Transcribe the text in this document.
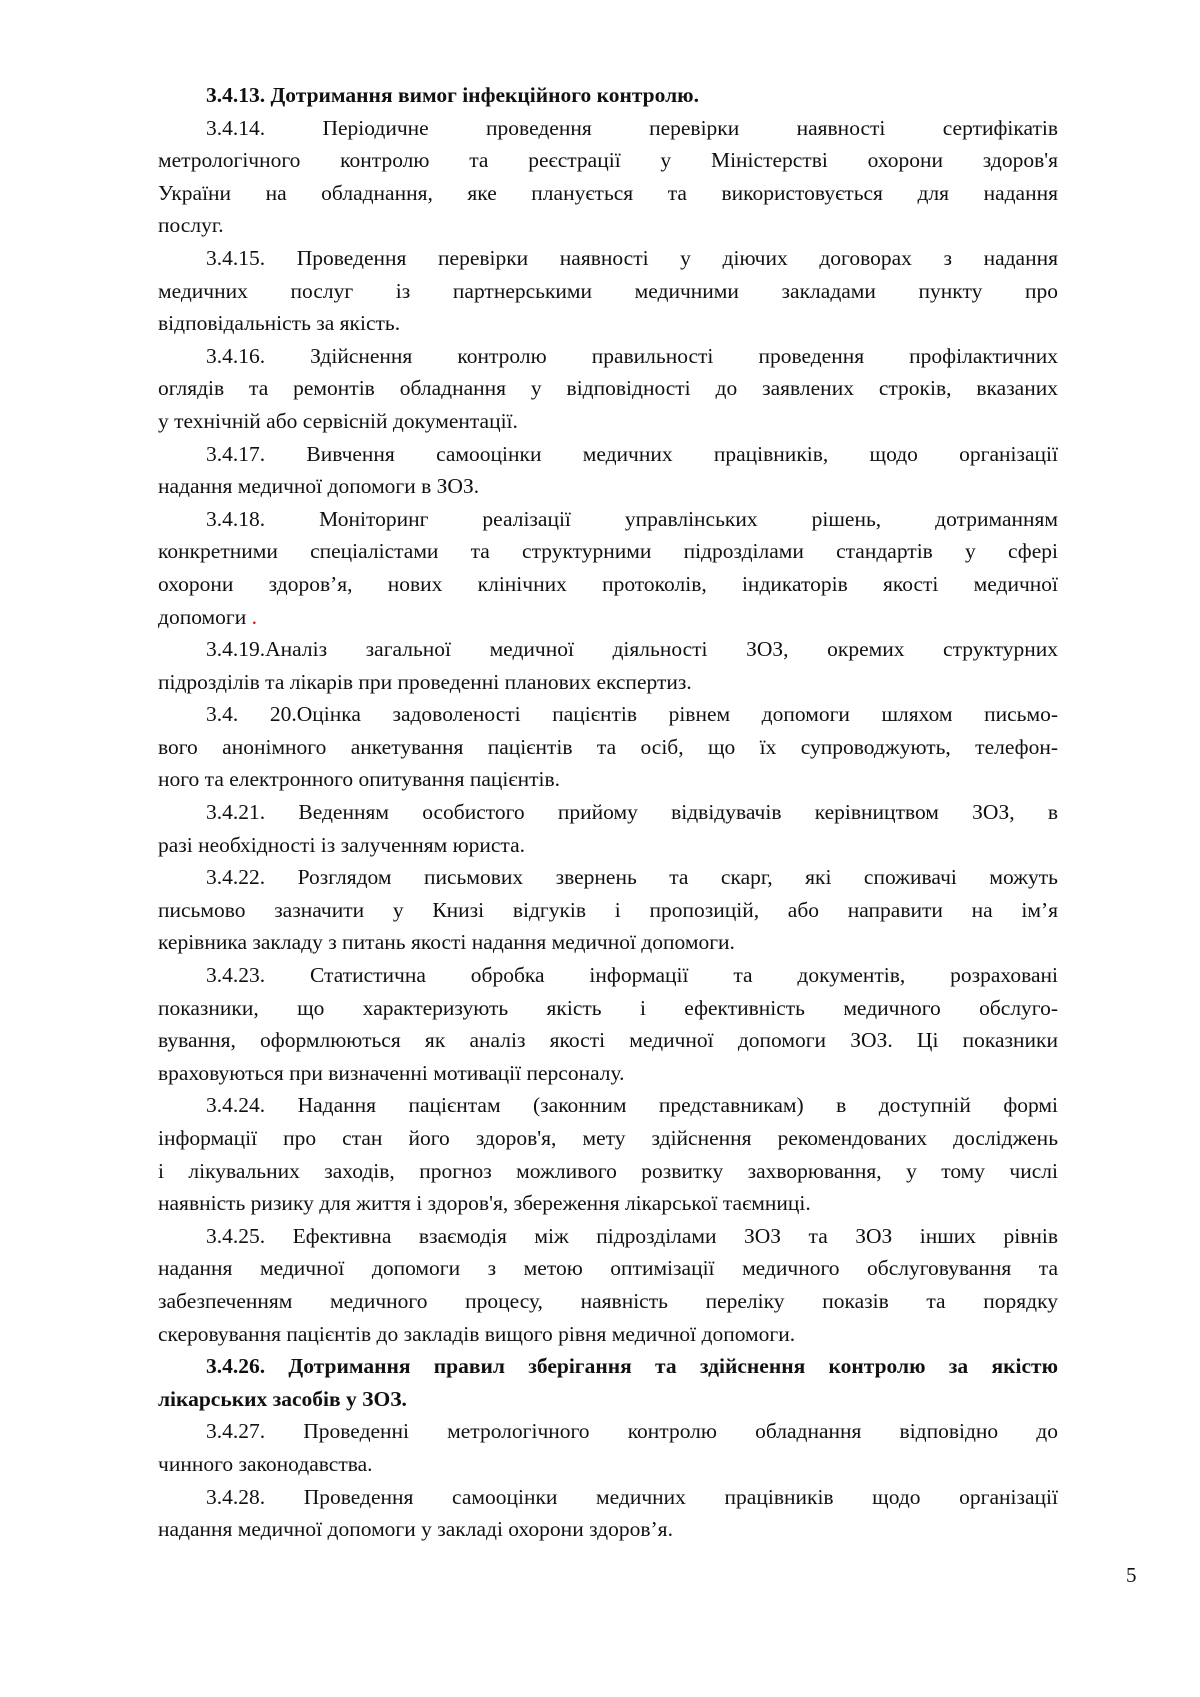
3.4.13. Дотримання вимог інфекційного контролю.

3.4.14. Періодичне проведення перевірки наявності сертифікатів
метрологічного контролю та реєстрації у Міністерстві охорони здоров'я
України на обладнання, яке планується та використовується для надання
послуг.

3.4.15. Проведення перевірки наявності у діючих договорах з надання
медичних послуг із партнерськими медичними закладами пункту про
відповідальність за якість.

3.4.16. Здійснення контролю правильності проведення профілактичних
оглядів та ремонтів обладнання у відповідності до заявлених строків, вказаних
у технічній або сервісній документації.

3.4.17. Вивчення самооцінки медичних працівників, щодо організації
надання медичної допомоги в ЗОЗ.

3.4.18. Моніторинг реалізації управлінських рішень, дотриманням
конкретними спеціалістами та структурними підрозділами стандартів у сфері
охорони здоров’я, нових клінічних протоколів, індикаторів якості медичної
допомоги .

3.4.19.Аналіз загальної медичної діяльності ЗОЗ, окремих структурних
підрозділів та лікарів при проведенні планових експертиз.

3.4. 20.Оцінка задоволеності пацієнтів рівнем допомоги шляхом письмо-
вого анонімного анкетування пацієнтів та осіб, що їх супроводжують, телефон-
ного та електронного опитування пацієнтів.

3.4.21. Веденням особистого прийому відвідувачів керівництвом ЗОЗ, в
разі необхідності із залученням юриста.

3.4.22. Розглядом письмових звернень та скарг, які споживачі можуть
письмово зазначити у Книзі відгуків і пропозицій, або направити на ім’я
керівника закладу з питань якості надання медичної допомоги.

3.4.23. Статистична обробка інформації та документів, розраховані
показники, що характеризують якість і ефективність медичного обслуго-
вування, оформлюються як аналіз якості медичної допомоги ЗОЗ. Ці показники
враховуються при визначенні мотивації персоналу.

3.4.24. Надання пацієнтам (законним представникам) в доступній формі
інформації про стан його здоров'я, мету здійснення рекомендованих досліджень
і лікувальних заходів, прогноз можливого розвитку захворювання, у тому числі
наявність ризику для життя і здоров'я, збереження лікарської таємниці.

3.4.25. Ефективна взаємодія між підрозділами ЗОЗ та ЗОЗ інших рівнів
надання медичної допомоги з метою оптимізації медичного обслуговування та
забезпеченням медичного процесу, наявність переліку показів та порядку
скеровування пацієнтів до закладів вищого рівня медичної допомоги.

3.4.26. Дотримання правил зберігання та здійснення контролю за якістю
лікарських засобів у ЗОЗ.

3.4.27. Проведенні метрологічного контролю обладнання відповідно до
чинного законодавства.

3.4.28. Проведення самооцінки медичних працівників щодо організації
надання медичної допомоги у закладі охорони здоров’я.

5
